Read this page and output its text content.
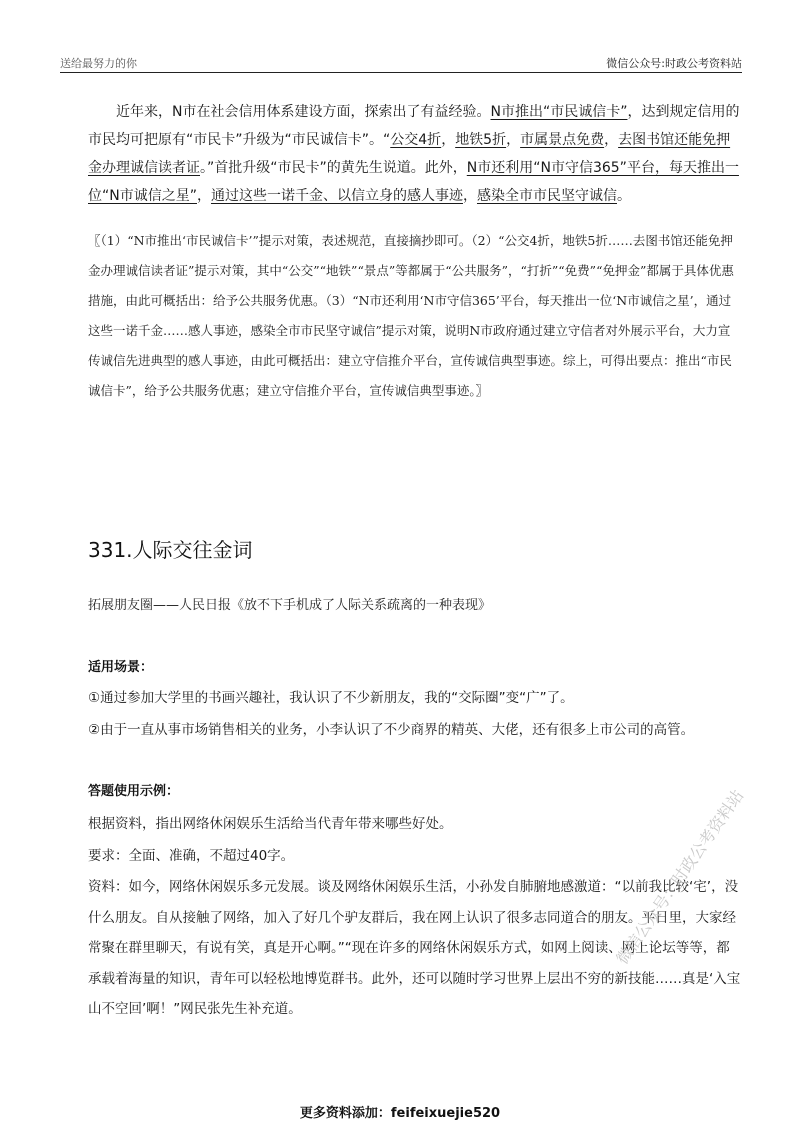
送给最努力的你	微信公众号:时政公考资料站
  近年来，N市在社会信用体系建设方面，探索出了有益经验。N市推出“市民诚信卡”，达到规定信用的市民均可把原有“市民卡”升级为“市民诚信卡”。“公交4折，地铁5折，市属景点免费，去图书馆还能免押金办理诚信读者证。”首批升级“市民卡”的黄先生说道。此外，N市还利用“N市守信365”平台，每天推出一位“N市诚信之星”，通过这些一诺千金、以信立身的感人事迹，感染全市市民坚守诚信。
〖（1）“N市推出‘市民诚信卡’”提示对策，表述规范，直接摘抄即可。（2）“公交4折，地铁5折……去图书馆还能免押金办理诚信读者证”提示对策，其中“公交”“地铁”“景点”等都属于“公共服务”，“打折”“免费”“免押金”都属于具体优惠措施，由此可概括出：给予公共服务优惠。（3）“N市还利用‘N市守信365’平台，每天推出一位‘N市诚信之星’，通过这些一诺千金……感人事迹，感染全市市民坚守诚信”提示对策，说明N市政府通过建立守信者对外展示平台，大力宣传诚信先进典型的感人事迹，由此可概括出：建立守信推介平台，宣传诚信典型事迹。综上，可得出要点：推出“市民诚信卡”，给予公共服务优惠；建立守信推介平台，宣传诚信典型事迹。〗
331.人际交往金词
拓展朋友圈——人民日报《放不下手机成了人际关系疏离的一种表现》
适用场景：
①通过参加大学里的书画兴趣社，我认识了不少新朋友，我的“交际圈”变“广”了。
②由于一直从事市场销售相关的业务，小李认识了不少商界的精英、大佬，还有很多上市公司的高管。
答题使用示例：
根据资料，指出网络休闲娱乐生活给当代青年带来哪些好处。
要求：全面、准确，不超过40字。
资料：如今，网络休闲娱乐多元发展。谈及网络休闲娱乐生活，小孙发自肺腑地感激道：“以前我比较‘宅’，没什么朋友。自从接触了网络，加入了好几个驴友群后，我在网上认识了很多志同道合的朋友。平日里，大家经常聚在群里聊天，有说有笑，真是开心啊。”“现在许多的网络休闲娱乐方式，如网上阅读、网上论坛等等，都承载着海量的知识，青年可以轻松地博览群书。此外，还可以随时学习世界上层出不穷的新技能……真是‘入宝山不空回’啊！”网民张先生补充道。
微信公众号：时政公考资料站
更多资料添加：feifeixuejie520
